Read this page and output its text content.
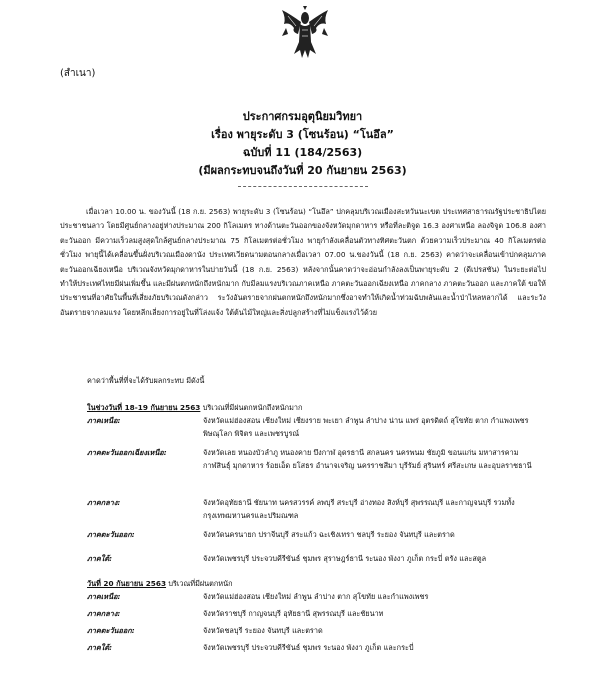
(สำเนา)
ประกาศกรมอุตุนิยมวิทยา
เรื่อง พายุระดับ 3 (โซนร้อน) “โนอึล”
ฉบับที่ 11 (184/2563)
(มีผลกระทบจนถึงวันที่ 20 กันยายน 2563)
เมื่อเวลา 10.00 น. ของวันนี้ (18 ก.ย. 2563) พายุระดับ 3 (โซนร้อน) “โนอึล” ปกคลุมบริเวณเมืองสะหวันนะเขต ประเทศสาธารณรัฐประชาธิปไตยประชาชนลาว โดยมีศูนย์กลางอยู่ห่างประมาณ 200 กิโลเมตร ทางด้านตะวันออกของจังหวัดมุกดาหาร หรือที่ละติจูด 16.3 องศาเหนือ ลองจิจูด 106.8 องศาตะวันออก มีความเร็วลมสูงสุดใกล้ศูนย์กลางประมาณ 75 กิโลเมตรต่อชั่วโมง พายุกำลังเคลื่อนตัวทางทิศตะวันตก ด้วยความเร็วประมาณ 40 กิโลเมตรต่อชั่วโมง พายุนี้ได้เคลื่อนขึ้นฝั่งบริเวณเมืองดานัง ประเทศเวียดนามตอนกลางเมื่อเวลา 07.00 น.ของวันนี้ (18 ก.ย. 2563) คาดว่าจะเคลื่อนเข้าปกคลุมภาคตะวันออกเฉียงเหนือ บริเวณจังหวัดมุกดาหารในบ่ายวันนี้ (18 ก.ย. 2563) หลังจากนั้นคาดว่าจะอ่อนกำลังลงเป็นพายุระดับ 2 (ดีเปรสชัน) ในระยะต่อไป ทำให้ประเทศไทยมีฝนเพิ่มขึ้น และมีฝนตกหนักถึงหนักมาก กับมีลมแรงบริเวณภาคเหนือ ภาคตะวันออกเฉียงเหนือ ภาคกลาง ภาคตะวันออก และภาคใต้ ขอให้ประชาชนที่อาศัยในพื้นที่เสี่ยงภัยบริเวณดังกล่าว ระวังอันตรายจากฝนตกหนักถึงหนักมากซึ่งอาจทำให้เกิดน้ำท่วมฉับพลันและน้ำป่าไหลหลากได้ และระวังอันตรายจากลมแรง โดยหลีกเลี่ยงการอยู่ในที่โล่งแจ้ง ใต้ต้นไม้ใหญ่และสิ่งปลูกสร้างที่ไม่แข็งแรงไว้ด้วย
คาดว่าพื้นที่ที่จะได้รับผลกระทบ มีดังนี้
ในช่วงวันที่ 18-19 กันยายน 2563 บริเวณที่มีฝนตกหนักถึงหนักมาก
ภาคเหนือ:	จังหวัดแม่ฮ่องสอน เชียงใหม่ เชียงราย พะเยา ลำพูน ลำปาง น่าน แพร่ อุตรดิตถ์ สุโขทัย ตาก กำแพงเพชร พิษณุโลก พิจิตร และเพชรบูรณ์
ภาคตะวันออกเฉียงเหนือ:	จังหวัดเลย หนองบัวลำภู หนองคาย บึงกาฬ อุดรธานี สกลนคร นครพนม ชัยภูมิ ขอนแก่น มหาสารคาม กาฬสินธุ์ มุกดาหาร ร้อยเอ็ด ยโสธร อำนาจเจริญ นครราชสีมา บุรีรัมย์ สุรินทร์ ศรีสะเกษ และอุบลราชธานี
ภาคกลาง:	จังหวัดอุทัยธานี ชัยนาท นครสวรรค์ ลพบุรี สระบุรี อ่างทอง สิงห์บุรี สุพรรณบุรี และกาญจนบุรี รวมทั้งกรุงเทพมหานครและปริมณฑล
ภาคตะวันออก:	จังหวัดนครนายก ปราจีนบุรี สระแก้ว ฉะเชิงเทรา ชลบุรี ระยอง จันทบุรี และตราด
ภาคใต้:	จังหวัดเพชรบุรี ประจวบคีรีขันธ์ ชุมพร สุราษฎร์ธานี ระนอง พังงา ภูเก็ต กระบี่ ตรัง และสตูล
วันที่ 20 กันยายน 2563 บริเวณที่มีฝนตกหนัก
ภาคเหนือ:	จังหวัดแม่ฮ่องสอน เชียงใหม่ ลำพูน ลำปาง ตาก สุโขทัย และกำแพงเพชร
ภาคกลาง:	จังหวัดราชบุรี กาญจนบุรี อุทัยธานี สุพรรณบุรี และชัยนาท
ภาคตะวันออก:	จังหวัดชลบุรี ระยอง จันทบุรี และตราด
ภาคใต้:	จังหวัดเพชรบุรี ประจวบคีรีขันธ์ ชุมพร ระนอง พังงา ภูเก็ต และกระบี่
